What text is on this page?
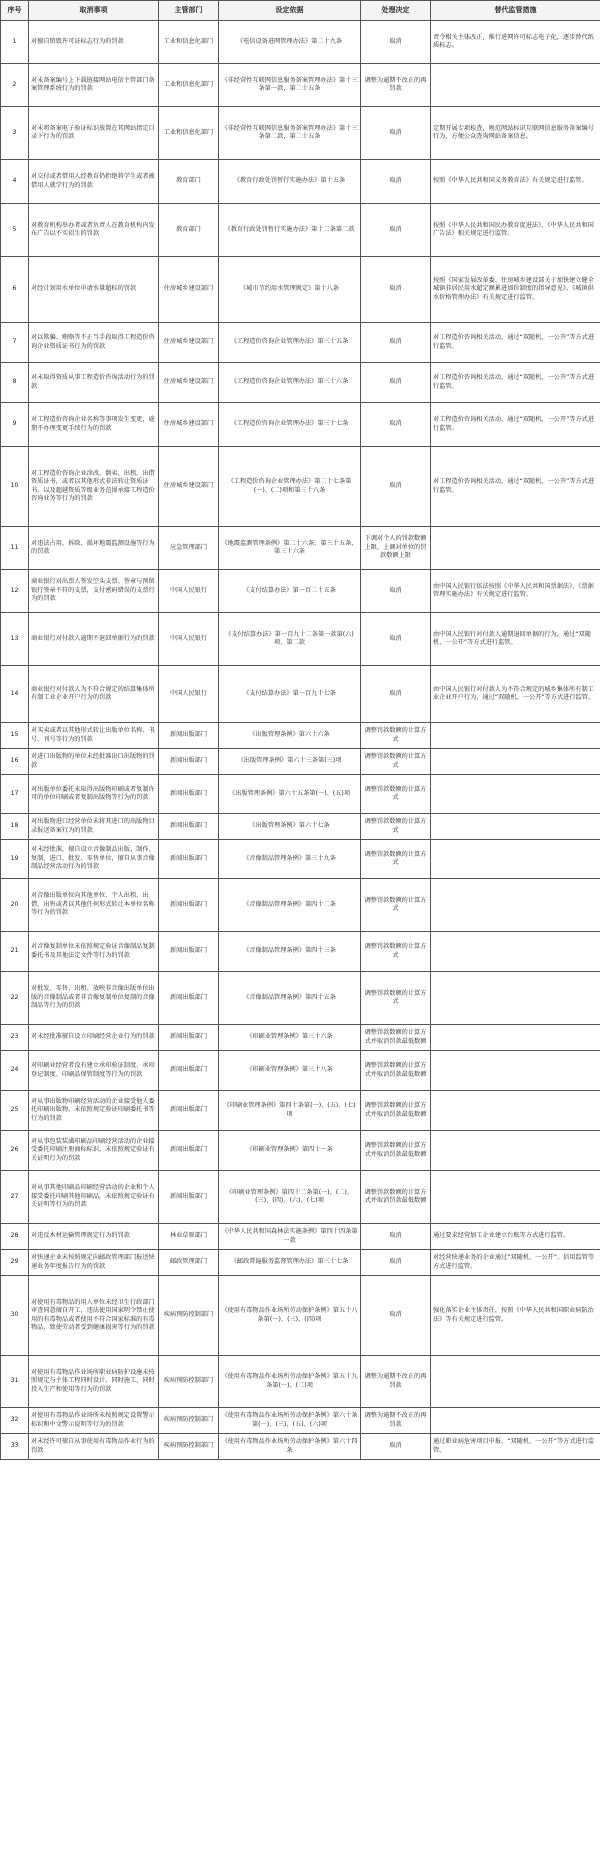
序号	取消事项	主管部门	设定依据	处理决定	替代监管措施
1	对擅自销毁许可证标志行为的罚款	工业和信息化部门	《电信设备进网管理办法》第二十九条	取消	责令相关主体改正，推行进网许可标志电子化，逐步替代纸质标志。
2	对未备案编号上下载链接网站电信主管部门备案管理系统行为的罚款	工业和信息化部门	《非经营性互联网信息服务备案管理办法》第十三条第一款、第二十五条	调整为逾期不改正的再罚款	
3	对未将备案电子验证标识放置在其网站指定目录下行为的罚款	工业和信息化部门	《非经营性互联网信息服务备案管理办法》第十三条第二款、第二十五条	取消	定期开展专项检查，规范网站标识互联网信息服务备案编号行为，方便公众查询网站备案信息。
4	对交付或者借用人经教育仍拒绝将学生或者被借用人就学行为的罚款	教育部门	《教育行政处罚暂行实施办法》第十五条	取消	按照《中华人民共和国义务教育法》有关规定进行监管。
5	对教育机构举办者或者负责人在教育机构内发布广告以不实招生的罚款	教育部门	《教育行政处罚暂行实施办法》第十二条第二款	取消	按照《中华人民共和国民办教育促进法》、《中华人民共和国广告法》相关规定进行监管。
6	对经计划用水单位申请水量超标的罚款	住房城乡建设部门	《城市节约用水管理规定》第十八条	取消	按照《国家发展改革委、住房城乡建设部关于加快建立健全城镇非居民用水超定额累进加价制度的指导意见》、《城镇供水价格管理办法》有关规定进行监管。
7	对以欺骗、贿赂等不正当手段取得工程造价咨询企业资质证书行为的罚款	住房城乡建设部门	《工程造价咨询企业管理办法》第三十五条	取消	对工程造价咨询相关活动，通过“双随机、一公开”等方式进行监管。
8	对未取得资质从事工程造价咨询活动行为的罚款	住房城乡建设部门	《工程造价咨询企业管理办法》第三十六条	取消	对工程造价咨询相关活动，通过“双随机、一公开”等方式进行监管。
9	对工程造价咨询企业名称等事项发生变更，逾期不办理变更手续行为的罚款	住房城乡建设部门	《工程造价咨询企业管理办法》第三十七条	取消	对工程造价咨询相关活动，通过“双随机、一公开”等方式进行监管。
10	对工程造价咨询企业涂改、倒卖、出租、出借资质证书，或者以其他形式非法转让资质证书，以及超越资质等级业务范围承接工程造价咨询业务等行为的罚款	住房城乡建设部门	《工程造价咨询企业管理办法》第二十七条第(一)、(二)项和第三十八条	取消	对工程造价咨询相关活动，通过“双随机、一公开”等方式进行监管。
11	对违法占用、拆除、损坏地震监测设施等行为的罚款	应急管理部门	《地震监测管理条例》第二十六条、第三十五条、第三十六条	下调对个人的罚款数额上限，上调对单位的罚款数额上限	
12	商业银行对出票人签发空头支票、签章与预留银行签章不符的支票，支付密码错误的支票行为的罚款	中国人民银行	《支付结算办法》第一百二十五条	取消	由中国人民银行依法按照《中华人民共和国票据法》、《票据管理实施办法》有关规定进行监管。
13	商业银行对付款人逾期不退回单据行为的罚款	中国人民银行	《支付结算办法》第一百九十二条第一款第(六)项、第二款	取消	由中国人民银行对付款人逾期退回单据的行为，通过“双随机、一公开”等方式进行监管。
14	商业银行对付款人为不符合规定的结算集体所有制工业企业开户行为的罚款	中国人民银行	《支付结算办法》第一百九十七条	取消	由中国人民银行对付款人为不符合规定的城乡集体所有制工业企业开户行为，通过“双随机、一公开”等方式进行监管。
15	对买卖或者以其他形式转让出版单位名称、书号、刊号等行为的罚款	新闻出版部门	《出版管理条例》第六十六条	调整罚款数额的计算方式	
16	对进口出版物的单位未经批准出口出版物的罚款	新闻出版部门	《出版管理条例》第六十三条第(三)项	调整罚款数额的计算方式	
17	对出版单位委托未取得出版物印刷或者复制许可的单位印刷或者复制出版物等行为的罚款	新闻出版部门	《出版管理条例》第六十五条第(一)、(五)项	调整罚款数额的计算方式	
18	对出版物进口经营单位未将其进口的出版物目录报送备案行为的罚款	新闻出版部门	《出版管理条例》第六十七条	调整罚款数额的计算方式	
19	对未经批准，擅自设立音像制品出版、制作、复制、进口、批发、零售单位，擅自从事音像制品经营活动行为的罚款	新闻出版部门	《音像制品管理条例》第三十九条	调整罚款数额的计算方式	
20	对音像出版单位向其他单位、个人出租、出借、出售或者以其他任何形式转让本单位名称等行为的罚款	新闻出版部门	《音像制品管理条例》第四十二条	调整罚款数额的计算方式	
21	对音像复制单位未依照规定验证音像制品复制委托书及其他法定文件等行为的罚款	新闻出版部门	《音像制品管理条例》第四十三条	调整罚款数额的计算方式	
22	对批发、零售、出租、放映非音像出版单位出版的音像制品或者非音像复制单位复制的音像制品等行为的罚款	新闻出版部门	《音像制品管理条例》第四十五条	调整罚款数额的计算方式	
23	对未经批准擅自设立印刷经营企业行为的罚款	新闻出版部门	《印刷业管理条例》第三十六条	调整罚款数额的计算方式并取消罚款最低数额	
24	对印刷业经营者没有建立承印验证制度、承印登记制度、印刷品保管制度等行为的罚款	新闻出版部门	《印刷业管理条例》第三十八条	调整罚款数额的计算方式并取消罚款最低数额	
25	对从事出版物印刷经营活动的企业接受他人委托印刷出版物，未依照规定验证印刷委托书等行为的罚款	新闻出版部门	《印刷业管理条例》第四十条第(一)、(五)、(七)项	调整罚款数额的计算方式并取消罚款最低数额	
26	对从事包装装潢印刷品印刷经营活动的企业接受委托印刷注册商标标识，未依照规定验证有关证明行为的罚款	新闻出版部门	《印刷业管理条例》第四十一条	调整罚款数额的计算方式并取消罚款最低数额	
27	对从事其他印刷品印刷经营活动的企业和个人接受委托印刷其他印刷品，未依照规定验证有关证明等行为的罚款	新闻出版部门	《印刷业管理条例》第四十二条第(一)、(二)、(三)、(四)、(六)、(七)项	调整罚款数额的计算方式并取消罚款最低数额	
28	对违反木材运输管理规定行为的罚款	林业草原部门	《中华人民共和国森林法实施条例》第四十四条第一款	取消	通过要求经营加工企业建立台账等方式进行监管。
29	对快递企业未按照规定向邮政管理部门报送快递业务年度报告行为的罚款	邮政管理部门	《邮政普遍服务监督管理办法》第三十七条	取消	对经营快递业务的企业通过“双随机、一公开”、信用监管等方式进行监管。
30	对使用有毒物品的用人单位未经卫生行政部门审查同意擅自开工，违法使用国家明令禁止使用的有毒物品或者使用不符合国家标准的有毒物品，致使劳动者受到健康损害等行为的罚款	疾病预防控制部门	《使用有毒物品作业场所劳动保护条例》第五十八条第(一)、(三)、(四)项	取消	强化落实企业主体责任，按照《中华人民共和国职业病防治法》等有关规定进行监管。
31	对使用有毒物品作业场所职业病防护设施未按照规定与主体工程同时设计、同时施工、同时投入生产和使用等行为的罚款	疾病预防控制部门	《使用有毒物品作业场所劳动保护条例》第五十九条第(一)、(二)项	调整为逾期不改正的再罚款	
32	对使用有毒物品作业场所未按照规定设置警示标识和中文警示说明等行为的罚款	疾病预防控制部门	《使用有毒物品作业场所劳动保护条例》第六十条第(一)、(三)、(五)、(六)项	调整为逾期不改正的再罚款	
33	对未经许可擅自从事使用有毒物品作业行为的罚款	疾病预防控制部门	《使用有毒物品作业场所劳动保护条例》第六十四条	取消	通过职业病危害项目申报、“双随机、一公开”等方式进行监管。
